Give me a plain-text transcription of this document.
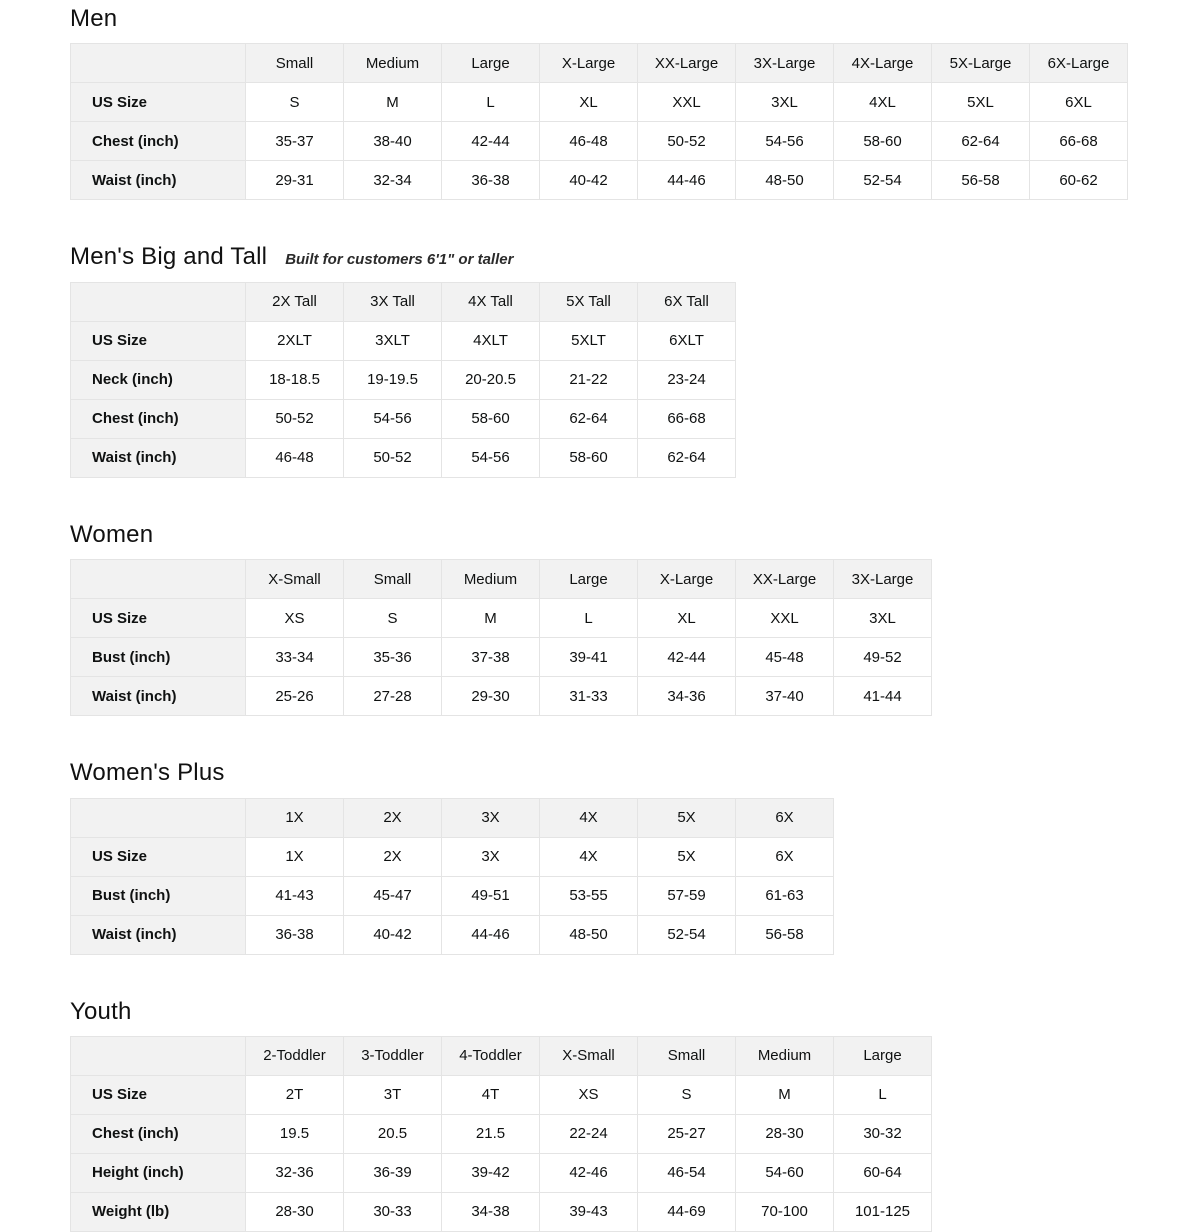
Men
	Small	Medium	Large	X-Large	XX-Large	3X-Large	4X-Large	5X-Large	6X-Large
US Size	S	M	L	XL	XXL	3XL	4XL	5XL	6XL
Chest (inch)	35-37	38-40	42-44	46-48	50-52	54-56	58-60	62-64	66-68
Waist (inch)	29-31	32-34	36-38	40-42	44-46	48-50	52-54	56-58	60-62
Men's Big and Tall Built for customers 6'1" or taller
	2X Tall	3X Tall	4X Tall	5X Tall	6X Tall
US Size	2XLT	3XLT	4XLT	5XLT	6XLT
Neck (inch)	18-18.5	19-19.5	20-20.5	21-22	23-24
Chest (inch)	50-52	54-56	58-60	62-64	66-68
Waist (inch)	46-48	50-52	54-56	58-60	62-64
Women
	X-Small	Small	Medium	Large	X-Large	XX-Large	3X-Large
US Size	XS	S	M	L	XL	XXL	3XL
Bust (inch)	33-34	35-36	37-38	39-41	42-44	45-48	49-52
Waist (inch)	25-26	27-28	29-30	31-33	34-36	37-40	41-44
Women's Plus
	1X	2X	3X	4X	5X	6X
US Size	1X	2X	3X	4X	5X	6X
Bust (inch)	41-43	45-47	49-51	53-55	57-59	61-63
Waist (inch)	36-38	40-42	44-46	48-50	52-54	56-58
Youth
	2-Toddler	3-Toddler	4-Toddler	X-Small	Small	Medium	Large
US Size	2T	3T	4T	XS	S	M	L
Chest (inch)	19.5	20.5	21.5	22-24	25-27	28-30	30-32
Height (inch)	32-36	36-39	39-42	42-46	46-54	54-60	60-64
Weight (lb)	28-30	30-33	34-38	39-43	44-69	70-100	101-125
